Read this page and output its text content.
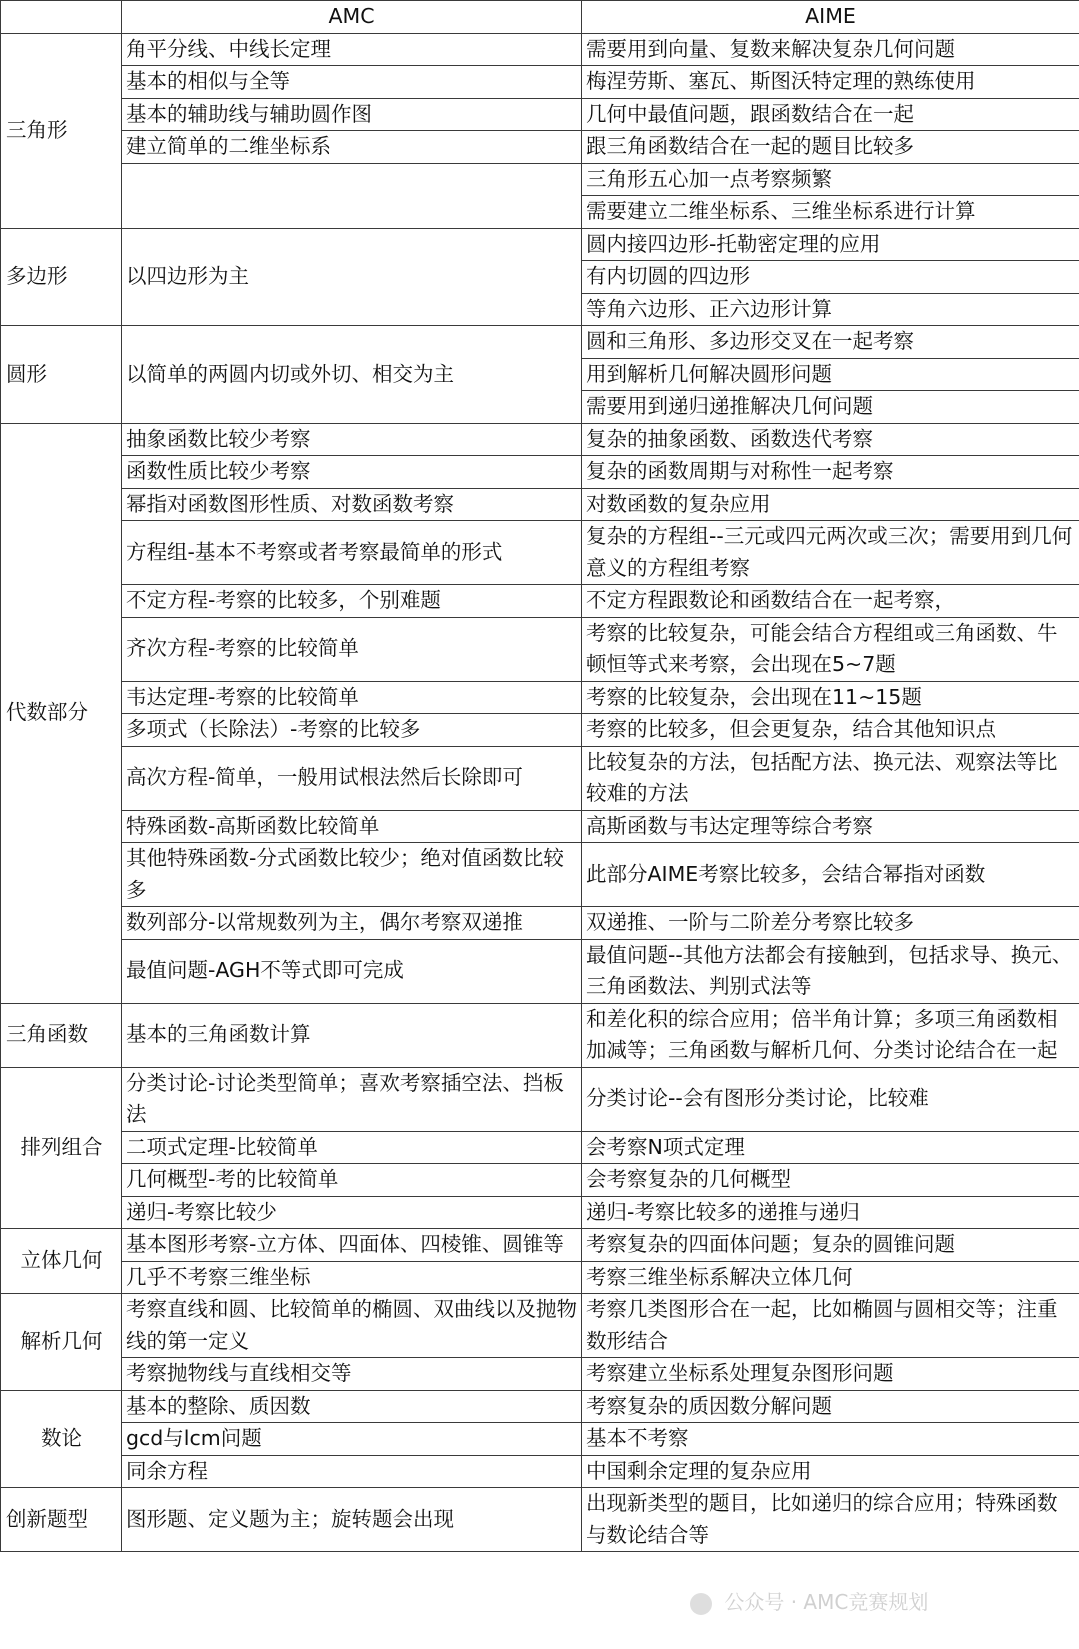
	AMC	AIME
三角形	角平分线、中线长定理	需要用到向量、复数来解决复杂几何问题
	基本的相似与全等	梅涅劳斯、塞瓦、斯图沃特定理的熟练使用
	基本的辅助线与辅助圆作图	几何中最值问题，跟函数结合在一起
	建立简单的二维坐标系	跟三角函数结合在一起的题目比较多
		三角形五心加一点考察频繁
		需要建立二维坐标系、三维坐标系进行计算
多边形	以四边形为主	圆内接四边形-托勒密定理的应用
		有内切圆的四边形
		等角六边形、正六边形计算
圆形	以简单的两圆内切或外切、相交为主	圆和三角形、多边形交叉在一起考察
		用到解析几何解决圆形问题
		需要用到递归递推解决几何问题
代数部分	抽象函数比较少考察	复杂的抽象函数、函数迭代考察
	函数性质比较少考察	复杂的函数周期与对称性一起考察
	幂指对函数图形性质、对数函数考察	对数函数的复杂应用
	方程组-基本不考察或者考察最简单的形式	复杂的方程组--三元或四元两次或三次；需要用到几何意义的方程组考察
	不定方程-考察的比较多，个别难题	不定方程跟数论和函数结合在一起考察，
	齐次方程-考察的比较简单	考察的比较复杂，可能会结合方程组或三角函数、牛顿恒等式来考察，会出现在5~7题
	韦达定理-考察的比较简单	考察的比较复杂，会出现在11~15题
	多项式（长除法）-考察的比较多	考察的比较多，但会更复杂，结合其他知识点
	高次方程-简单，一般用试根法然后长除即可	比较复杂的方法，包括配方法、换元法、观察法等比较难的方法
	特殊函数-高斯函数比较简单	高斯函数与韦达定理等综合考察
	其他特殊函数-分式函数比较少；绝对值函数比较多	此部分AIME考察比较多，会结合幂指对函数
	数列部分-以常规数列为主，偶尔考察双递推	双递推、一阶与二阶差分考察比较多
	最值问题-AGH不等式即可完成	最值问题--其他方法都会有接触到，包括求导、换元、三角函数法、判别式法等
三角函数	基本的三角函数计算	和差化积的综合应用；倍半角计算；多项三角函数相加减等；三角函数与解析几何、分类讨论结合在一起
排列组合	分类讨论-讨论类型简单；喜欢考察插空法、挡板法	分类讨论--会有图形分类讨论，比较难
	二项式定理-比较简单	会考察N项式定理
	几何概型-考的比较简单	会考察复杂的几何概型
	递归-考察比较少	递归-考察比较多的递推与递归
立体几何	基本图形考察-立方体、四面体、四棱锥、圆锥等	考察复杂的四面体问题；复杂的圆锥问题
	几乎不考察三维坐标	考察三维坐标系解决立体几何
解析几何	考察直线和圆、比较简单的椭圆、双曲线以及抛物线的第一定义	考察几类图形合在一起，比如椭圆与圆相交等；注重数形结合
	考察抛物线与直线相交等	考察建立坐标系处理复杂图形问题
数论	基本的整除、质因数	考察复杂的质因数分解问题
	gcd与lcm问题	基本不考察
	同余方程	中国剩余定理的复杂应用
创新题型	图形题、定义题为主；旋转题会出现	出现新类型的题目，比如递归的综合应用；特殊函数与数论结合等
公众号 · AMC竞赛规划
